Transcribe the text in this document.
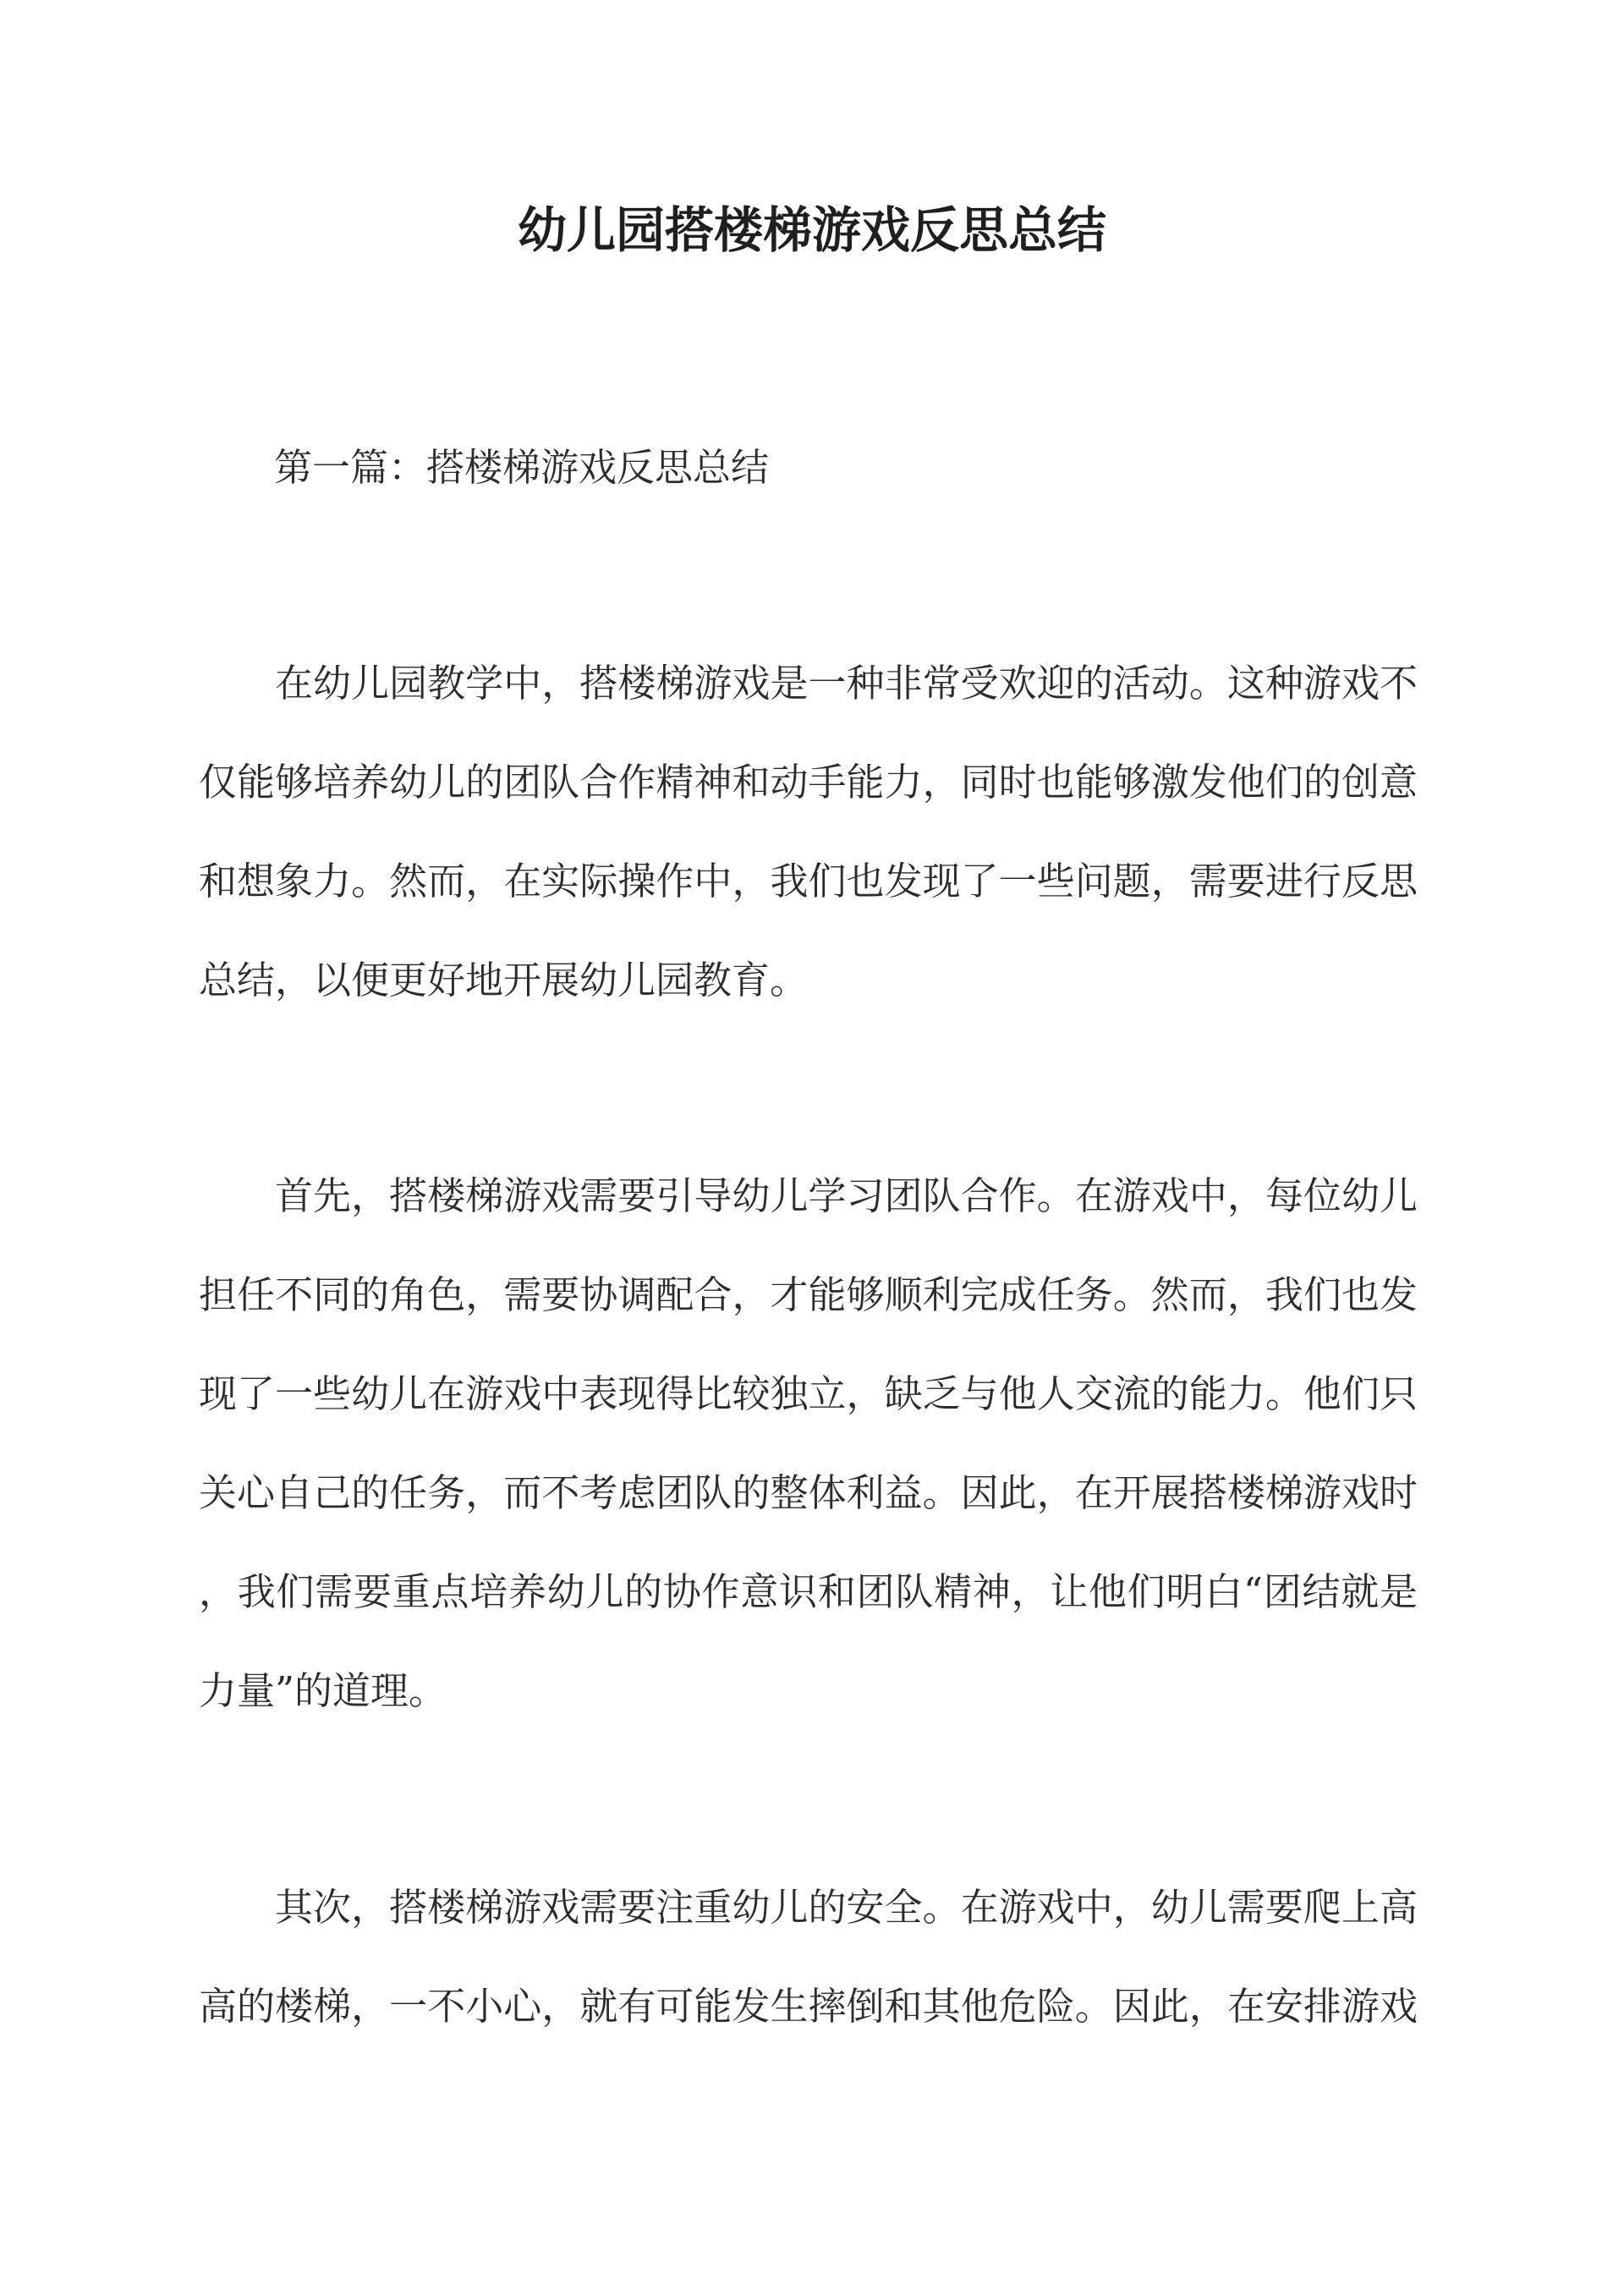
幼儿园搭楼梯游戏反思总结
第一篇：搭楼梯游戏反思总结
在幼儿园教学中，搭楼梯游戏是一种非常受欢迎的活动。这种游戏不
仅能够培养幼儿的团队合作精神和动手能力，同时也能够激发他们的创意
和想象力。然而，在实际操作中，我们也发现了一些问题，需要进行反思
总结，以便更好地开展幼儿园教育。
首先，搭楼梯游戏需要引导幼儿学习团队合作。在游戏中，每位幼儿
担任不同的角色，需要协调配合，才能够顺利完成任务。然而，我们也发
现了一些幼儿在游戏中表现得比较独立，缺乏与他人交流的能力。他们只
关心自己的任务，而不考虑团队的整体利益。因此，在开展搭楼梯游戏时
，我们需要重点培养幼儿的协作意识和团队精神，让他们明白“团结就是
力量”的道理。
其次，搭楼梯游戏需要注重幼儿的安全。在游戏中，幼儿需要爬上高
高的楼梯，一不小心，就有可能发生摔倒和其他危险。因此，在安排游戏
